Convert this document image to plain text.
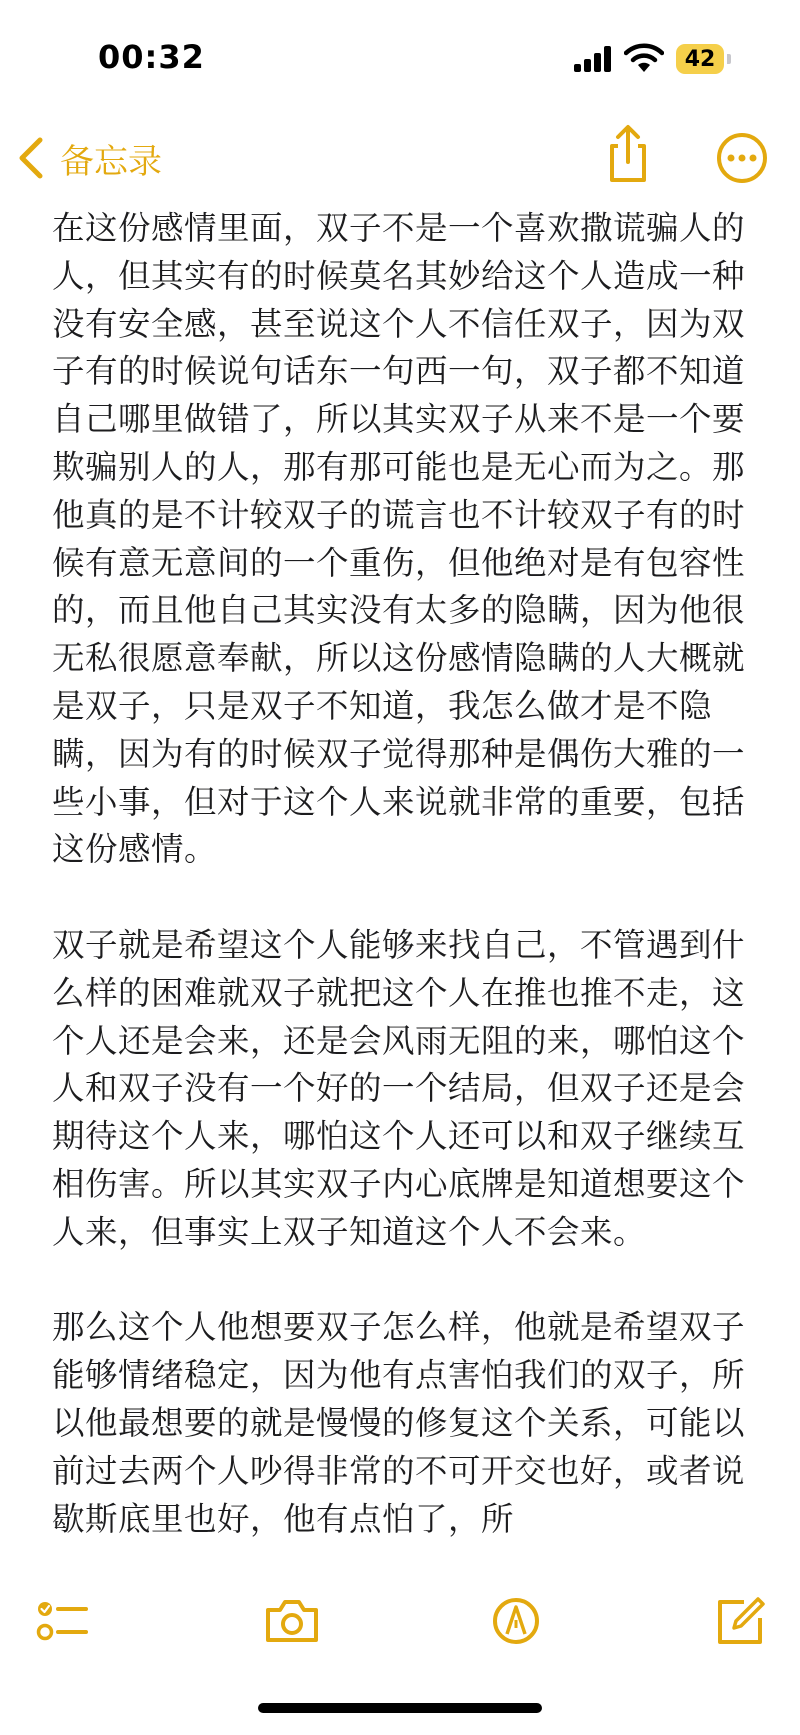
00:32	42
备忘录

在这份感情里面，双子不是一个喜欢撒谎骗人的人，但其实有的时候莫名其妙给这个人造成一种没有安全感，甚至说这个人不信任双子，因为双子有的时候说句话东一句西一句，双子都不知道自己哪里做错了，所以其实双子从来不是一个要欺骗别人的人，那有那可能也是无心而为之。那他真的是不计较双子的谎言也不计较双子有的时候有意无意间的一个重伤，但他绝对是有包容性的，而且他自己其实没有太多的隐瞒，因为他很无私很愿意奉献，所以这份感情隐瞒的人大概就是双子，只是双子不知道，我怎么做才是不隐瞒，因为有的时候双子觉得那种是偶伤大雅的一些小事，但对于这个人来说就非常的重要，包括这份感情。

双子就是希望这个人能够来找自己，不管遇到什么样的困难就双子就把这个人在推也推不走，这个人还是会来，还是会风雨无阻的来，哪怕这个人和双子没有一个好的一个结局，但双子还是会期待这个人来，哪怕这个人还可以和双子继续互相伤害。所以其实双子内心底牌是知道想要这个人来，但事实上双子知道这个人不会来。

那么这个人他想要双子怎么样，他就是希望双子能够情绪稳定，因为他有点害怕我们的双子，所以他最想要的就是慢慢的修复这个关系，可能以前过去两个人吵得非常的不可开交也好，或者说歇斯底里也好，他有点怕了，所
